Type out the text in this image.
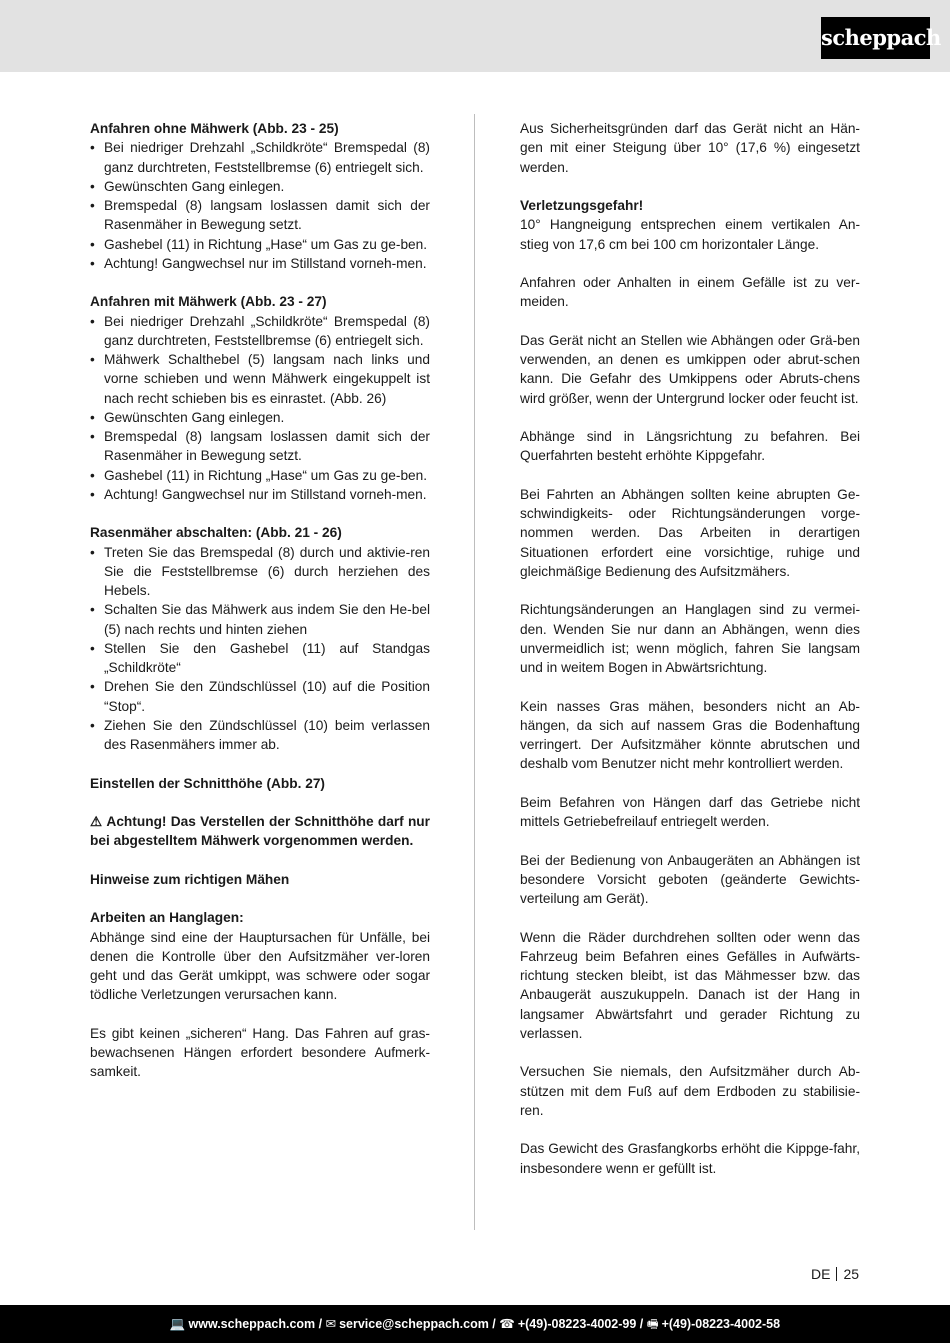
scheppach

Anfahren ohne Mähwerk (Abb. 23 - 25)

• Bei niedriger Drehzahl „Schildkröte“ Bremspedal (8) ganz durchtreten, Feststellbremse (6) entriegelt sich.
• Gewünschten Gang einlegen.
• Bremspedal (8) langsam loslassen damit sich der Rasenmäher in Bewegung setzt.
• Gashebel (11) in Richtung „Hase“ um Gas zu ge-ben.
• Achtung! Gangwechsel nur im Stillstand vorneh-men.

Anfahren mit Mähwerk (Abb. 23 - 27)

• Bei niedriger Drehzahl „Schildkröte“ Bremspedal (8) ganz durchtreten, Feststellbremse (6) entriegelt sich.
• Mähwerk Schalthebel (5) langsam nach links und vorne schieben und wenn Mähwerk eingekuppelt ist nach recht schieben bis es einrastet. (Abb. 26)
• Gewünschten Gang einlegen.
• Bremspedal (8) langsam loslassen damit sich der Rasenmäher in Bewegung setzt.
• Gashebel (11) in Richtung „Hase“ um Gas zu ge-ben.
• Achtung! Gangwechsel nur im Stillstand vorneh-men.

Rasenmäher abschalten: (Abb. 21 - 26)

• Treten Sie das Bremspedal (8) durch und aktivie-ren Sie die Feststellbremse (6) durch herziehen des Hebels.
• Schalten Sie das Mähwerk aus indem Sie den He-bel (5) nach rechts und hinten ziehen
• Stellen Sie den Gashebel (11) auf Standgas „Schildkröte“
• Drehen Sie den Zündschlüssel (10) auf die Position “Stop“.
• Ziehen Sie den Zündschlüssel (10) beim verlassen des Rasenmähers immer ab.

Einstellen der Schnitthöhe (Abb. 27)

⚠ Achtung! Das Verstellen der Schnitthöhe darf nur bei abgestelltem Mähwerk vorgenommen werden.

Hinweise zum richtigen Mähen

Arbeiten an Hanglagen:

Abhänge sind eine der Hauptursachen für Unfälle, bei denen die Kontrolle über den Aufsitzmäher ver-loren geht und das Gerät umkippt, was schwere oder sogar tödliche Verletzungen verursachen kann.

Es gibt keinen „sicheren“ Hang. Das Fahren auf gras-bewachsenen Hängen erfordert besondere Aufmerk-samkeit.

Aus Sicherheitsgründen darf das Gerät nicht an Hän-gen mit einer Steigung über 10° (17,6 %) eingesetzt werden.

Verletzungsgefahr!

10° Hangneigung entsprechen einem vertikalen An-stieg von 17,6 cm bei 100 cm horizontaler Länge.

Anfahren oder Anhalten in einem Gefälle ist zu ver-meiden.

Das Gerät nicht an Stellen wie Abhängen oder Grä-ben verwenden, an denen es umkippen oder abrut-schen kann. Die Gefahr des Umkippens oder Abruts-chens wird größer, wenn der Untergrund locker oder feucht ist.

Abhänge sind in Längsrichtung zu befahren. Bei Querfahrten besteht erhöhte Kippgefahr.

Bei Fahrten an Abhängen sollten keine abrupten Ge-schwindigkeits- oder Richtungsänderungen vorge-nommen werden. Das Arbeiten in derartigen Situationen erfordert eine vorsichtige, ruhige und gleichmäßige Bedienung des Aufsitzmähers.

Richtungsänderungen an Hanglagen sind zu vermei-den. Wenden Sie nur dann an Abhängen, wenn dies unvermeidlich ist; wenn möglich, fahren Sie langsam und in weitem Bogen in Abwärtsrichtung.

Kein nasses Gras mähen, besonders nicht an Ab-hängen, da sich auf nassem Gras die Bodenhaftung verringert. Der Aufsitzmäher könnte abrutschen und deshalb vom Benutzer nicht mehr kontrolliert werden.

Beim Befahren von Hängen darf das Getriebe nicht mittels Getriebefreilauf entriegelt werden.

Bei der Bedienung von Anbaugeräten an Abhängen ist besondere Vorsicht geboten (geänderte Gewichts-verteilung am Gerät).

Wenn die Räder durchdrehen sollten oder wenn das Fahrzeug beim Befahren eines Gefälles in Aufwärts-richtung stecken bleibt, ist das Mähmesser bzw. das Anbaugerät auszukuppeln. Danach ist der Hang in langsamer Abwärtsfahrt und gerader Richtung zu verlassen.

Versuchen Sie niemals, den Aufsitzmäher durch Ab-stützen mit dem Fuß auf dem Erdboden zu stabilisie-ren.

Das Gewicht des Grasfangkorbs erhöht die Kippge-fahr, insbesondere wenn er gefüllt ist.

DE 25
💻 www.scheppach.com / ✉ service@scheppach.com / ☎ +(49)-08223-4002-99 / 🖷 +(49)-08223-4002-58
